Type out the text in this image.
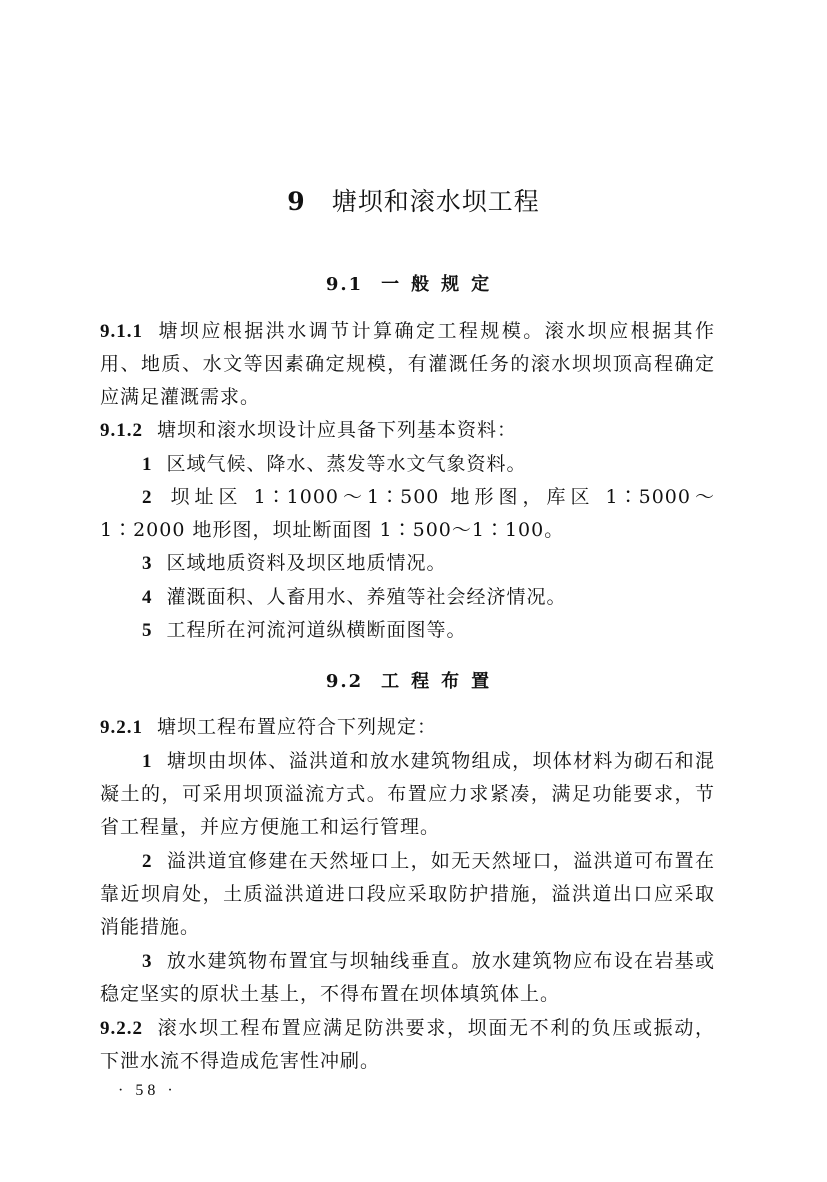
9 塘坝和滚水坝工程
9.1 一般规定
9.1.1 塘坝应根据洪水调节计算确定工程规模。滚水坝应根据其作用、地质、水文等因素确定规模，有灌溉任务的滚水坝坝顶高程确定应满足灌溉需求。
9.1.2 塘坝和滚水坝设计应具备下列基本资料：
1 区域气候、降水、蒸发等水文气象资料。
2 坝址区 1∶1000～1∶500 地形图，库区 1∶5000～1∶2000 地形图，坝址断面图 1∶500～1∶100。
3 区域地质资料及坝区地质情况。
4 灌溉面积、人畜用水、养殖等社会经济情况。
5 工程所在河流河道纵横断面图等。
9.2 工程布置
9.2.1 塘坝工程布置应符合下列规定：
1 塘坝由坝体、溢洪道和放水建筑物组成，坝体材料为砌石和混凝土的，可采用坝顶溢流方式。布置应力求紧凑，满足功能要求，节省工程量，并应方便施工和运行管理。
2 溢洪道宜修建在天然垭口上，如无天然垭口，溢洪道可布置在靠近坝肩处，土质溢洪道进口段应采取防护措施，溢洪道出口应采取消能措施。
3 放水建筑物布置宜与坝轴线垂直。放水建筑物应布设在岩基或稳定坚实的原状土基上，不得布置在坝体填筑体上。
9.2.2 滚水坝工程布置应满足防洪要求，坝面无不利的负压或振动，下泄水流不得造成危害性冲刷。
· 58 ·
